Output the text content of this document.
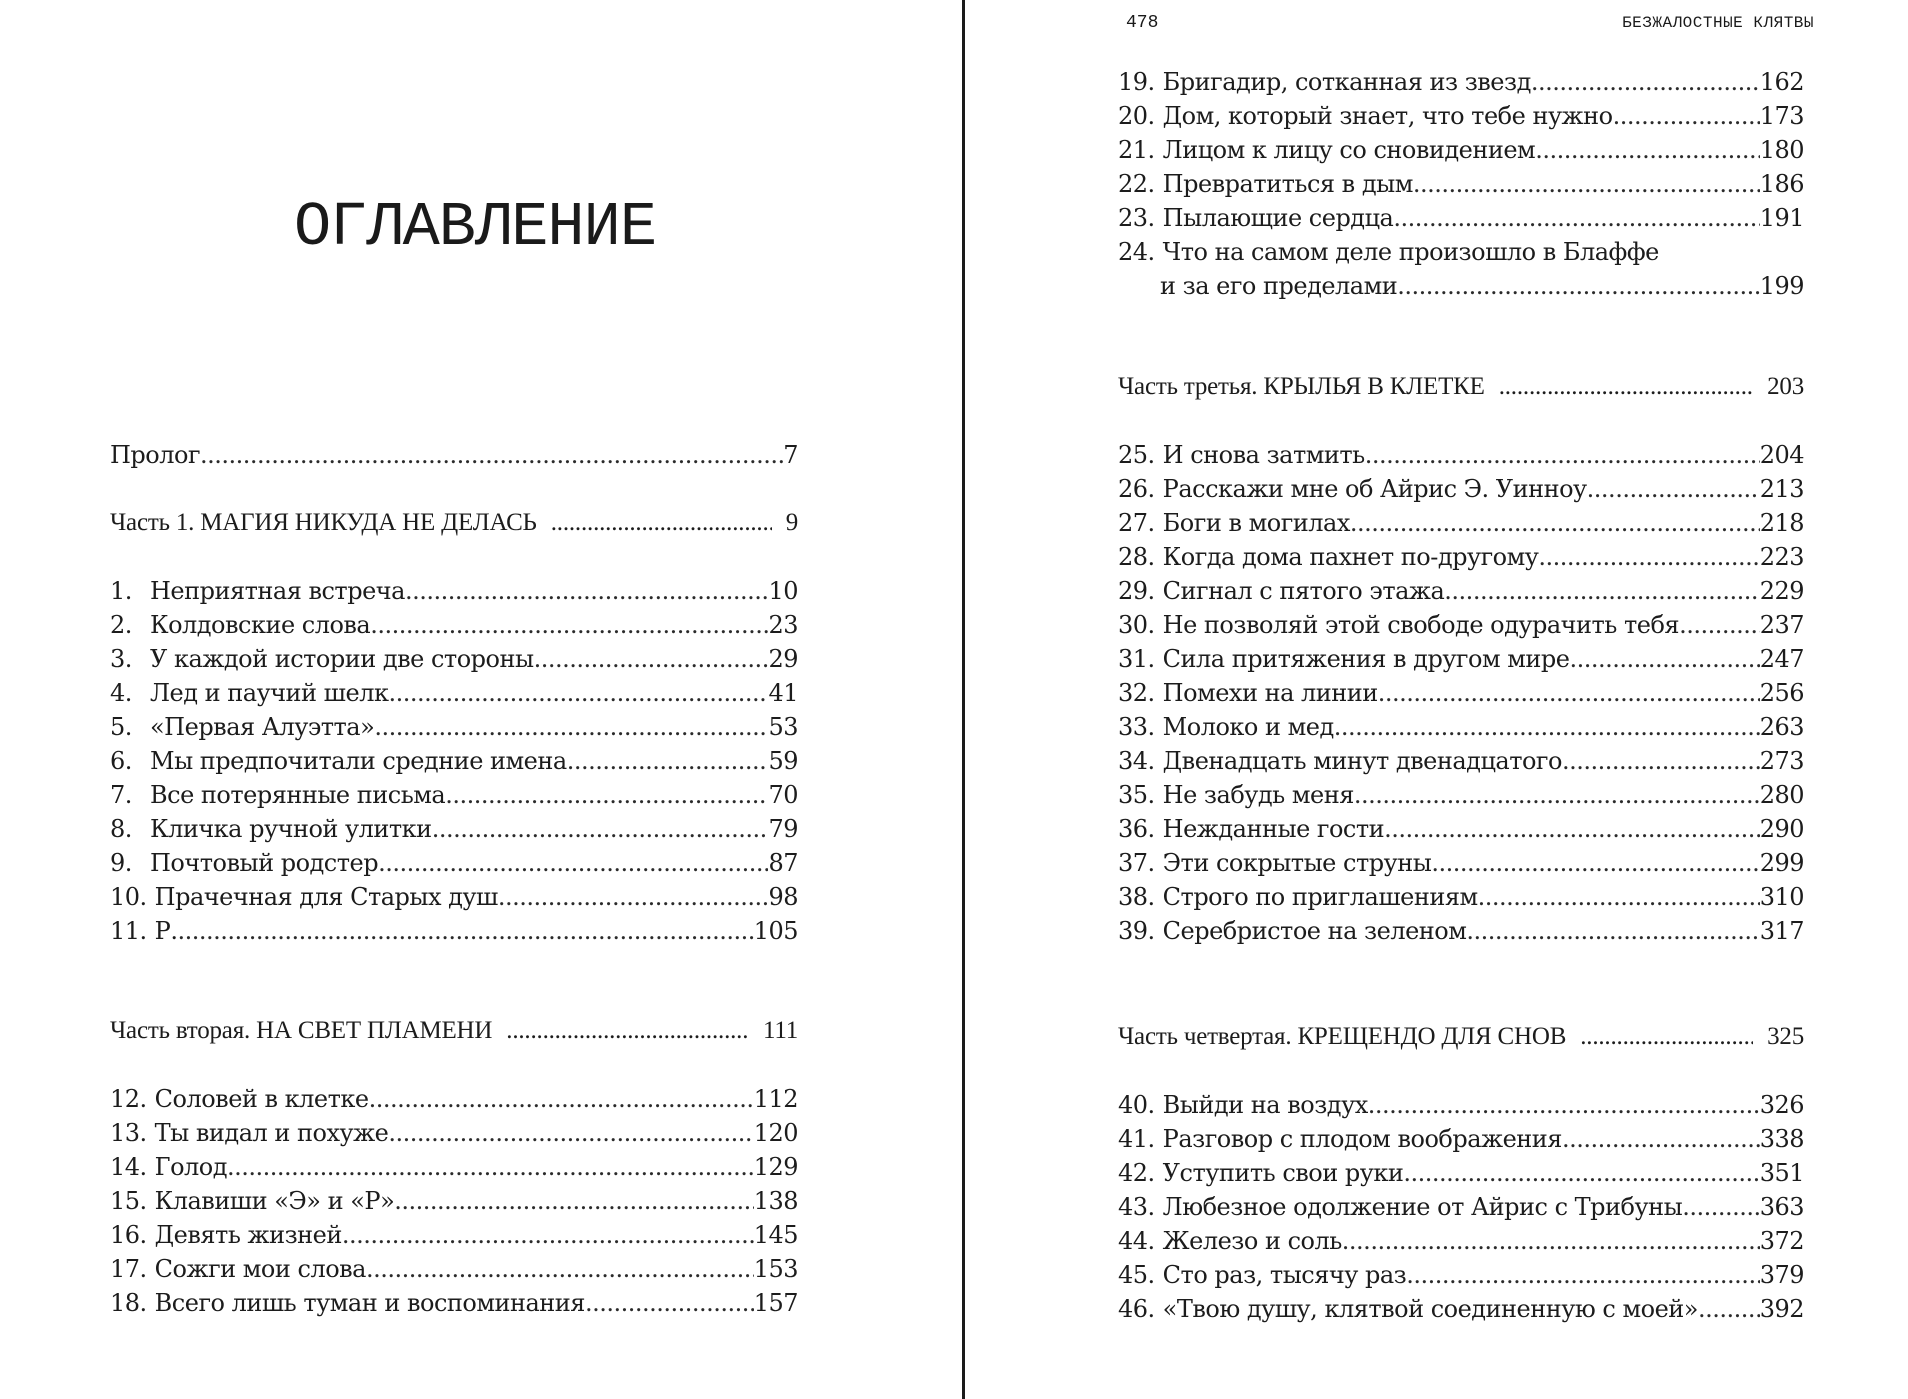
ОГЛАВЛЕНИЕ
Пролог .....	7
Часть 1. МАГИЯ НИКУДА НЕ ДЕЛАСЬ .....	9
1. Неприятная встреча .....	10
2. Колдовские слова .....	23
3. У каждой истории две стороны .....	29
4. Лед и паучий шелк .....	41
5. «Первая Алуэтта» .....	53
6. Мы предпочитали средние имена .....	59
7. Все потерянные письма .....	70
8. Кличка ручной улитки .....	79
9. Почтовый родстер .....	87
10. Прачечная для Старых душ .....	98
11. Р. .....	105
Часть вторая. НА СВЕТ ПЛАМЕНИ .....	111
12. Соловей в клетке .....	112
13. Ты видал и похуже .....	120
14. Голод .....	129
15. Клавиши «Э» и «Р» .....	138
16. Девять жизней .....	145
17. Сожги мои слова .....	153
18. Всего лишь туман и воспоминания .....	157
478	БЕЗЖАЛОСТНЫЕ КЛЯТВЫ
19. Бригадир, сотканная из звезд .....	162
20. Дом, который знает, что тебе нужно .....	173
21. Лицом к лицу со сновидением .....	180
22. Превратиться в дым .....	186
23. Пылающие сердца .....	191
24. Что на самом деле произошло в Блаффе
и за его пределами .....	199
Часть третья. КРЫЛЬЯ В КЛЕТКЕ .....	203
25. И снова затмить .....	204
26. Расскажи мне об Айрис Э. Уинноу .....	213
27. Боги в могилах .....	218
28. Когда дома пахнет по-другому .....	223
29. Сигнал с пятого этажа .....	229
30. Не позволяй этой свободе одурачить тебя .....	237
31. Сила притяжения в другом мире .....	247
32. Помехи на линии .....	256
33. Молоко и мед .....	263
34. Двенадцать минут двенадцатого .....	273
35. Не забудь меня .....	280
36. Нежданные гости .....	290
37. Эти сокрытые струны .....	299
38. Строго по приглашениям .....	310
39. Серебристое на зеленом .....	317
Часть четвертая. КРЕЩЕНДО ДЛЯ СНОВ .....	325
40. Выйди на воздух .....	326
41. Разговор с плодом воображения .....	338
42. Уступить свои руки .....	351
43. Любезное одолжение от Айрис с Трибуны .....	363
44. Железо и соль .....	372
45. Сто раз, тысячу раз .....	379
46. «Твою душу, клятвой соединенную с моей» .....	392
